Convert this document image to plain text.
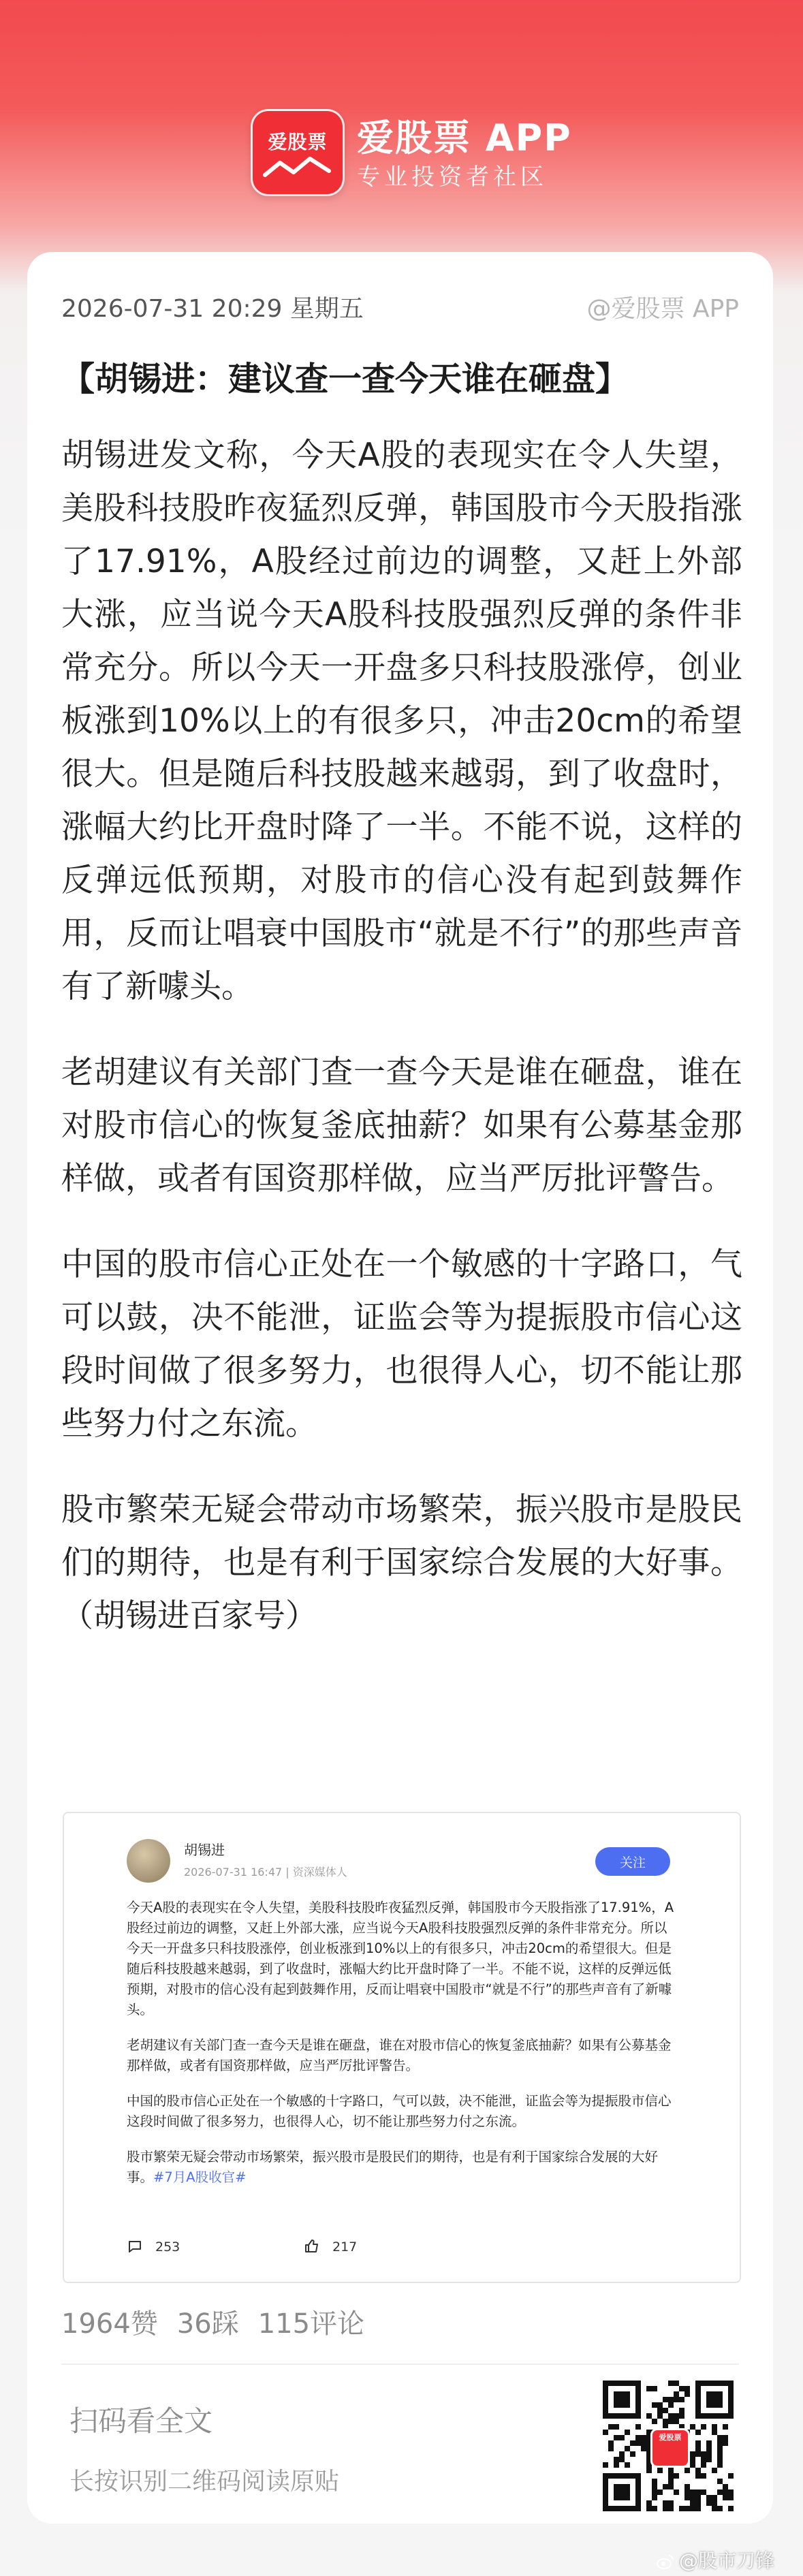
爱股票 爱股票 APP
专业投资者社区
2026-07-31 20:29 星期五	@爱股票 APP
【胡锡进：建议查一查今天谁在砸盘】

胡锡进发文称，今天A股的表现实在令人失望，美股科技股昨夜猛烈反弹，韩国股市今天股指涨了17.91%，A股经过前边的调整，又赶上外部大涨，应当说今天A股科技股强烈反弹的条件非常充分。所以今天一开盘多只科技股涨停，创业板涨到10%以上的有很多只，冲击20cm的希望很大。但是随后科技股越来越弱，到了收盘时，涨幅大约比开盘时降了一半。不能不说，这样的反弹远低预期，对股市的信心没有起到鼓舞作用，反而让唱衰中国股市“就是不行”的那些声音有了新噱头。

老胡建议有关部门查一查今天是谁在砸盘，谁在对股市信心的恢复釜底抽薪？如果有公募基金那样做，或者有国资那样做，应当严厉批评警告。

中国的股市信心正处在一个敏感的十字路口，气可以鼓，决不能泄，证监会等为提振股市信心这段时间做了很多努力，也很得人心，切不能让那些努力付之东流。

股市繁荣无疑会带动市场繁荣，振兴股市是股民们的期待，也是有利于国家综合发展的大好事。（胡锡进百家号）

胡锡进
2026-07-31 16:47 | 资深媒体人
关注

今天A股的表现实在令人失望，美股科技股昨夜猛烈反弹，韩国股市今天股指涨了17.91%，A股经过前边的调整，又赶上外部大涨，应当说今天A股科技股强烈反弹的条件非常充分。所以今天一开盘多只科技股涨停，创业板涨到10%以上的有很多只，冲击20cm的希望很大。但是随后科技股越来越弱，到了收盘时，涨幅大约比开盘时降了一半。不能不说，这样的反弹远低预期，对股市的信心没有起到鼓舞作用，反而让唱衰中国股市“就是不行”的那些声音有了新噱头。

老胡建议有关部门查一查今天是谁在砸盘，谁在对股市信心的恢复釜底抽薪？如果有公募基金那样做，或者有国资那样做，应当严厉批评警告。

中国的股市信心正处在一个敏感的十字路口，气可以鼓，决不能泄，证监会等为提振股市信心这段时间做了很多努力，也很得人心，切不能让那些努力付之东流。

股市繁荣无疑会带动市场繁荣，振兴股市是股民们的期待，也是有利于国家综合发展的大好事。#7月A股收官#

253	217
1964赞 36踩 115评论
扫码看全文
长按识别二维码阅读原贴
爱股票
@股市刀锋
